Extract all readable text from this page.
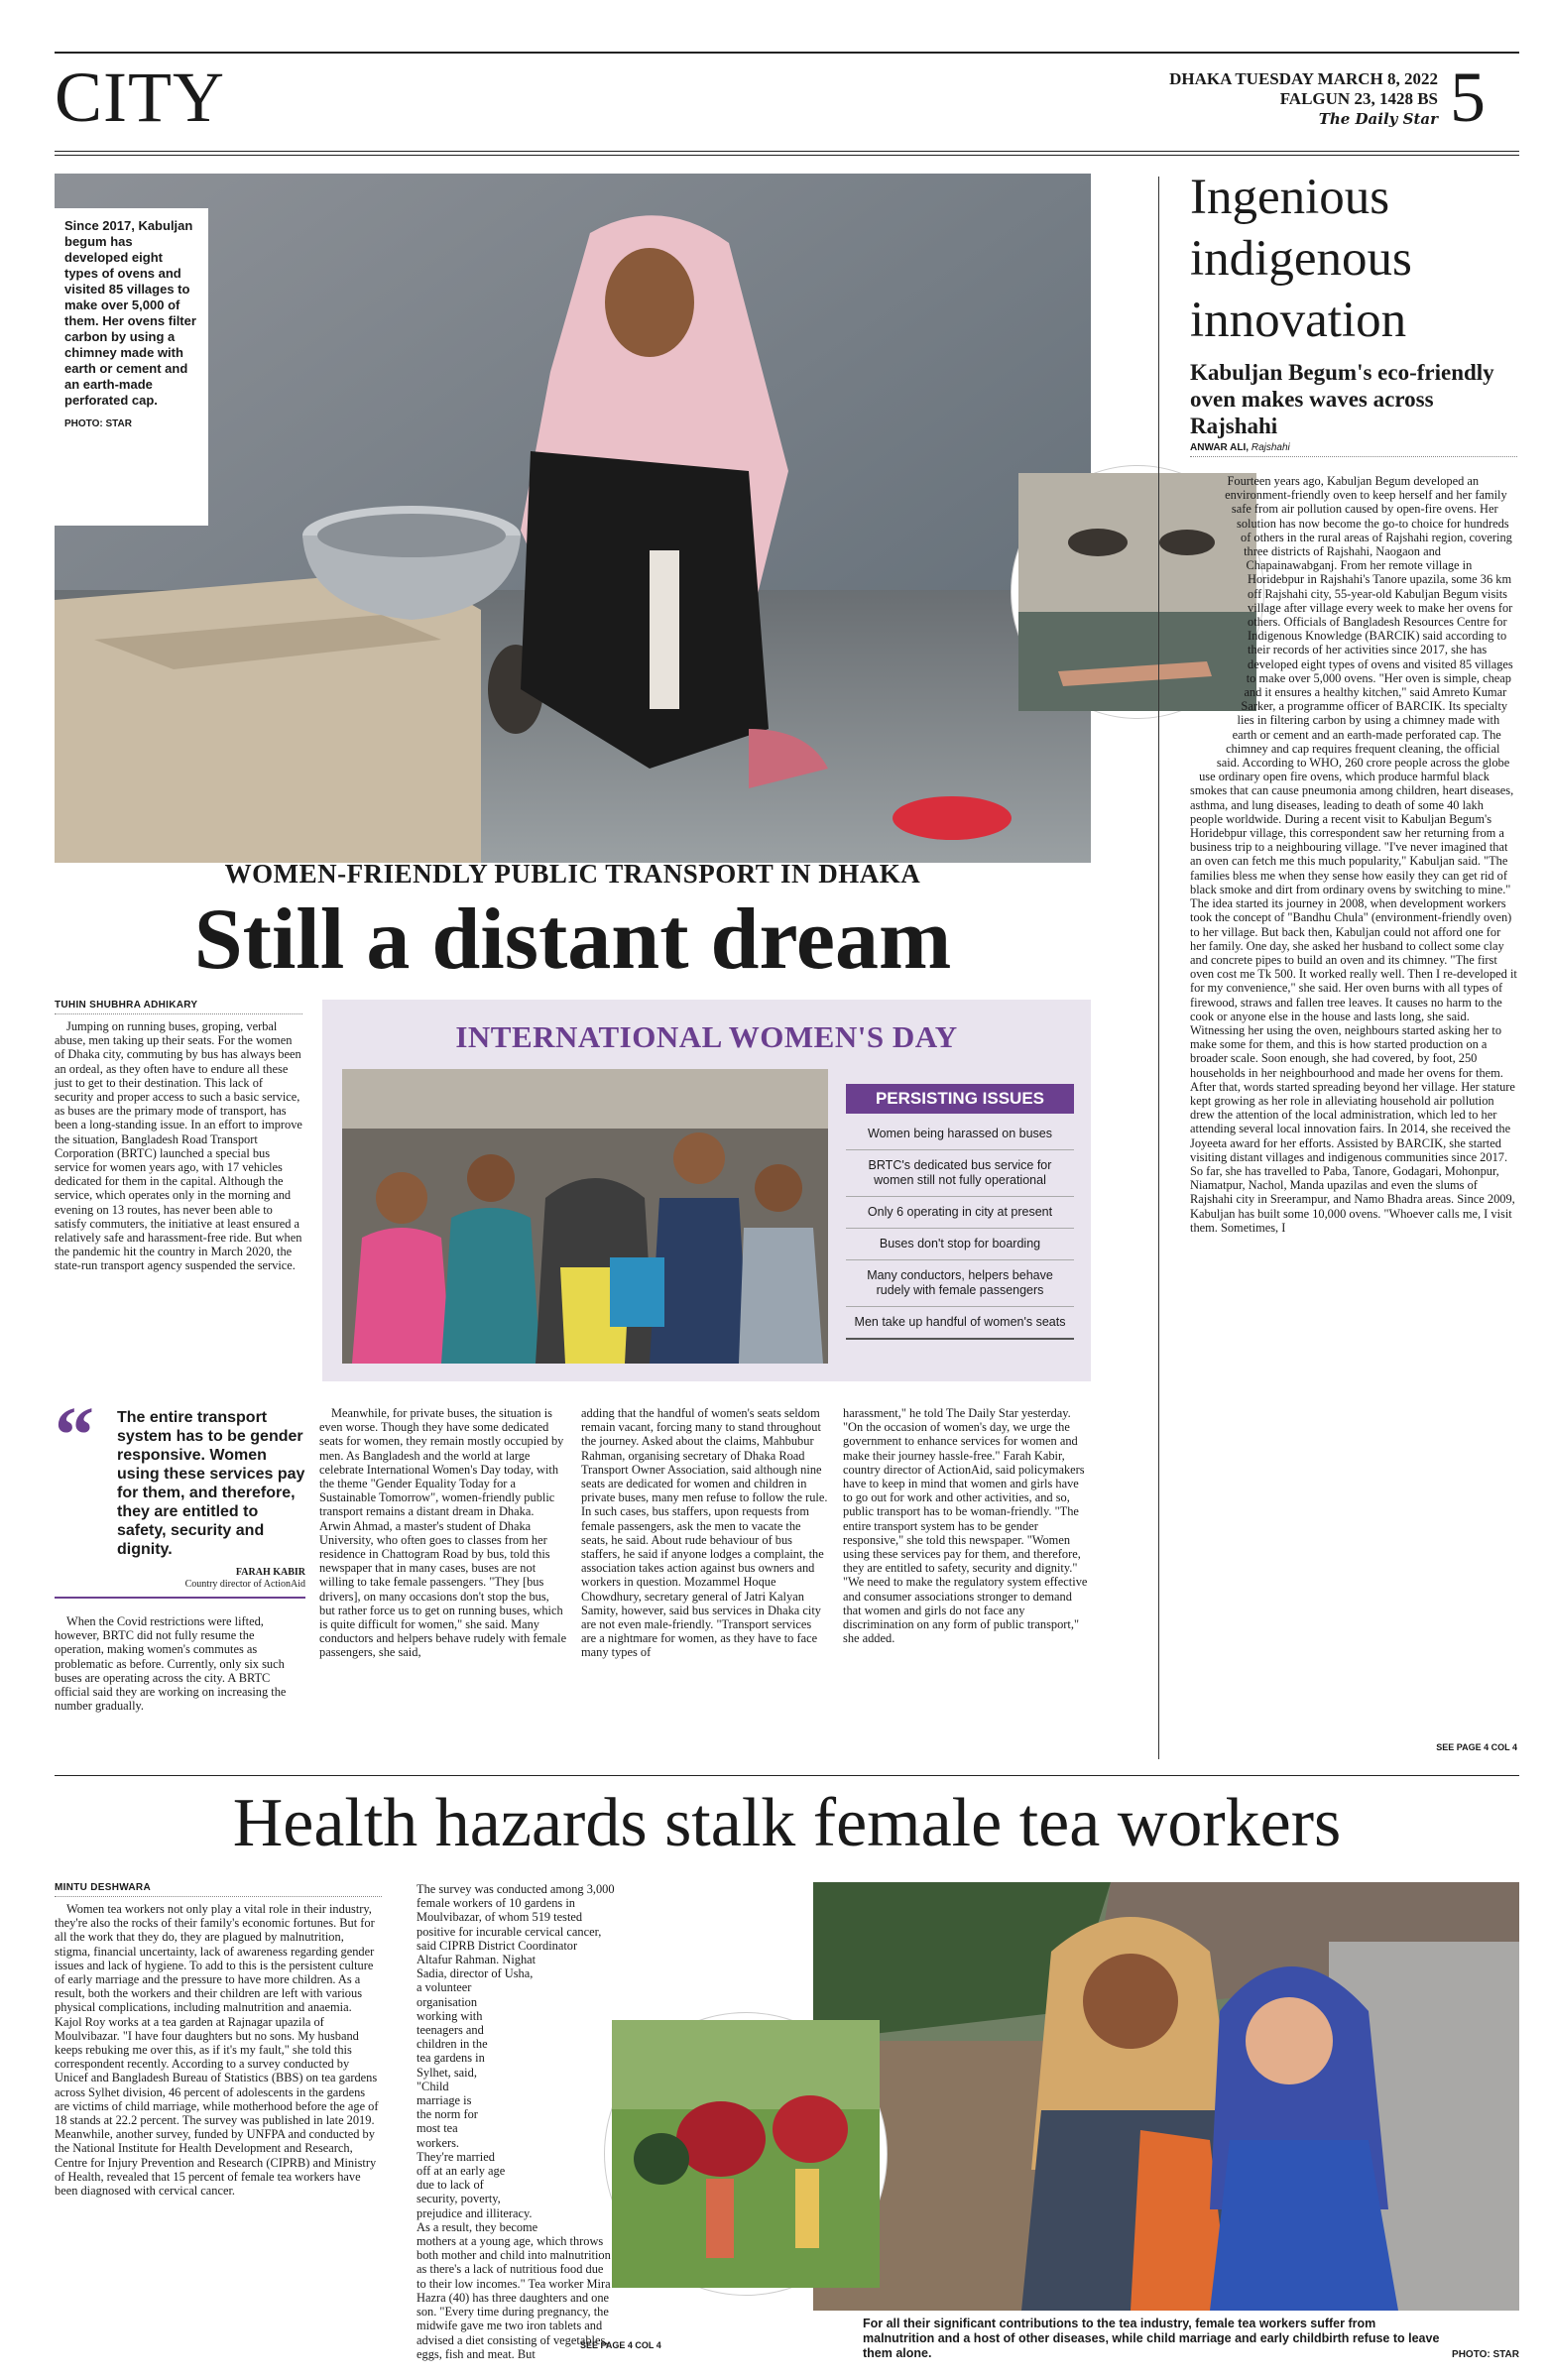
CITY	DHAKA TUESDAY MARCH 8, 2022
FALGUN 23, 1428 BS
The Daily Star 5
Since 2017, Kabuljan begum has developed eight types of ovens and visited 85 villages to make over 5,000 of them. Her ovens filter carbon by using a chimney made with earth or cement and an earth-made perforated cap.
PHOTO: STAR
Ingenious indigenous innovation
Kabuljan Begum's eco-friendly oven makes waves across Rajshahi
ANWAR ALI, Rajshahi

Fourteen years ago, Kabuljan Begum developed an environment-friendly oven to keep herself and her family safe from air pollution caused by open-fire ovens. Her solution has now become the go-to choice for hundreds of others in the rural areas of Rajshahi region, covering three districts of Rajshahi, Naogaon and Chapainawabganj. From her remote village in Horidebpur in Rajshahi's Tanore upazila, some 36 km off Rajshahi city, 55-year-old Kabuljan Begum visits village after village every week to make her ovens for others. Officials of Bangladesh Resources Centre for Indigenous Knowledge (BARCIK) said according to their records of her activities since 2017, she has developed eight types of ovens and visited 85 villages to make over 5,000 ovens. "Her oven is simple, cheap and it ensures a healthy kitchen," said Amreto Kumar Sarker, a programme officer of BARCIK. Its specialty lies in filtering carbon by using a chimney made with earth or cement and an earth-made perforated cap. The chimney and cap requires frequent cleaning, the official said. According to WHO, 260 crore people across the globe use ordinary open fire ovens, which produce harmful black smokes that can cause pneumonia among children, heart diseases, asthma, and lung diseases, leading to death of some 40 lakh people worldwide. During a recent visit to Kabuljan Begum's Horidebpur village, this correspondent saw her returning from a business trip to a neighbouring village. "I've never imagined that an oven can fetch me this much popularity," Kabuljan said. "The families bless me when they sense how easily they can get rid of black smoke and dirt from ordinary ovens by switching to mine." The idea started its journey in 2008, when development workers took the concept of "Bandhu Chula" (environment-friendly oven) to her village. But back then, Kabuljan could not afford one for her family. One day, she asked her husband to collect some clay and concrete pipes to build an oven and its chimney. "The first oven cost me Tk 500. It worked really well. Then I re-developed it for my convenience," she said. Her oven burns with all types of firewood, straws and fallen tree leaves. It causes no harm to the cook or anyone else in the house and lasts long, she said. Witnessing her using the oven, neighbours started asking her to make some for them, and this is how started production on a broader scale. Soon enough, she had covered, by foot, 250 households in her neighbourhood and made her ovens for them. After that, words started spreading beyond her village. Her stature kept growing as her role in alleviating household air pollution drew the attention of the local administration, which led to her attending several local innovation fairs. In 2014, she received the Joyeeta award for her efforts. Assisted by BARCIK, she started visiting distant villages and indigenous communities since 2017. So far, she has travelled to Paba, Tanore, Godagari, Mohonpur, Niamatpur, Nachol, Manda upazilas and even the slums of Rajshahi city in Sreerampur, and Namo Bhadra areas. Since 2009, Kabuljan has built some 10,000 ovens. "Whoever calls me, I visit them. Sometimes, I

SEE PAGE 4 COL 4
WOMEN-FRIENDLY PUBLIC TRANSPORT IN DHAKA
Still a distant dream
TUHIN SHUBHRA ADHIKARY

Jumping on running buses, groping, verbal abuse, men taking up their seats. For the women of Dhaka city, commuting by bus has always been an ordeal, as they often have to endure all these just to get to their destination. This lack of security and proper access to such a basic service, as buses are the primary mode of transport, has been a long-standing issue. In an effort to improve the situation, Bangladesh Road Transport Corporation (BRTC) launched a special bus service for women years ago, with 17 vehicles dedicated for them in the capital. Although the service, which operates only in the morning and evening on 13 routes, has never been able to satisfy commuters, the initiative at least ensured a relatively safe and harassment-free ride. But when the pandemic hit the country in March 2020, the state-run transport agency suspended the service.

INTERNATIONAL WOMEN'S DAY
PERSISTING ISSUES
Women being harassed on buses
BRTC's dedicated bus service for women still not fully operational
Only 6 operating in city at present
Buses don't stop for boarding
Many conductors, helpers behave rudely with female passengers
Men take up handful of women's seats
“ The entire transport system has to be gender responsive. Women using these services pay for them, and therefore, they are entitled to safety, security and dignity.
FARAH KABIR
Country director of ActionAid

When the Covid restrictions were lifted, however, BRTC did not fully resume the operation, making women's commutes as problematic as before. Currently, only six such buses are operating across the city. A BRTC official said they are working on increasing the number gradually.

Meanwhile, for private buses, the situation is even worse. Though they have some dedicated seats for women, they remain mostly occupied by men. As Bangladesh and the world at large celebrate International Women's Day today, with the theme "Gender Equality Today for a Sustainable Tomorrow", women-friendly public transport remains a distant dream in Dhaka. Arwin Ahmad, a master's student of Dhaka University, who often goes to classes from her residence in Chattogram Road by bus, told this newspaper that in many cases, buses are not willing to take female passengers. "They [bus drivers], on many occasions don't stop the bus, but rather force us to get on running buses, which is quite difficult for women," she said. Many conductors and helpers behave rudely with female passengers, she said,

adding that the handful of women's seats seldom remain vacant, forcing many to stand throughout the journey. Asked about the claims, Mahbubur Rahman, organising secretary of Dhaka Road Transport Owner Association, said although nine seats are dedicated for women and children in private buses, many men refuse to follow the rule. In such cases, bus staffers, upon requests from female passengers, ask the men to vacate the seats, he said. About rude behaviour of bus staffers, he said if anyone lodges a complaint, the association takes action against bus owners and workers in question. Mozammel Hoque Chowdhury, secretary general of Jatri Kalyan Samity, however, said bus services in Dhaka city are not even male-friendly. "Transport services are a nightmare for women, as they have to face many types of

harassment," he told The Daily Star yesterday. "On the occasion of women's day, we urge the government to enhance services for women and make their journey hassle-free." Farah Kabir, country director of ActionAid, said policymakers have to keep in mind that women and girls have to go out for work and other activities, and so, public transport has to be woman-friendly. "The entire transport system has to be gender responsive," she told this newspaper. "Women using these services pay for them, and therefore, they are entitled to safety, security and dignity." "We need to make the regulatory system effective and consumer associations stronger to demand that women and girls do not face any discrimination on any form of public transport," she added.

Health hazards stalk female tea workers
MINTU DESHWARA

Women tea workers not only play a vital role in their industry, they're also the rocks of their family's economic fortunes. But for all the work that they do, they are plagued by malnutrition, stigma, financial uncertainty, lack of awareness regarding gender issues and lack of hygiene. To add to this is the persistent culture of early marriage and the pressure to have more children. As a result, both the workers and their children are left with various physical complications, including malnutrition and anaemia. Kajol Roy works at a tea garden at Rajnagar upazila of Moulvibazar. "I have four daughters but no sons. My husband keeps rebuking me over this, as if it's my fault," she told this correspondent recently. According to a survey conducted by Unicef and Bangladesh Bureau of Statistics (BBS) on tea gardens across Sylhet division, 46 percent of adolescents in the gardens are victims of child marriage, while motherhood before the age of 18 stands at 22.2 percent. The survey was published in late 2019. Meanwhile, another survey, funded by UNFPA and conducted by the National Institute for Health Development and Research, Centre for Injury Prevention and Research (CIPRB) and Ministry of Health, revealed that 15 percent of female tea workers have been diagnosed with cervical cancer.

The survey was conducted among 3,000 female workers of 10 gardens in Moulvibazar, of whom 519 tested positive for incurable cervical cancer, said CIPRB District Coordinator Altafur Rahman. Nighat Sadia, director of Usha, a volunteer organisation working with teenagers and children in the tea gardens in Sylhet, said, "Child marriage is the norm for most tea workers. They're married off at an early age due to lack of security, poverty, prejudice and illiteracy. As a result, they become mothers at a young age, which throws both mother and child into malnutrition as there's a lack of nutritious food due to their low incomes." Tea worker Mira Hazra (40) has three daughters and one son. "Every time during pregnancy, the midwife gave me two iron tablets and advised a diet consisting of vegetables, eggs, fish and meat. But

SEE PAGE 4 COL 4
For all their significant contributions to the tea industry, female tea workers suffer from malnutrition and a host of other diseases, while child marriage and early childbirth refuse to leave them alone.	PHOTO: STAR
